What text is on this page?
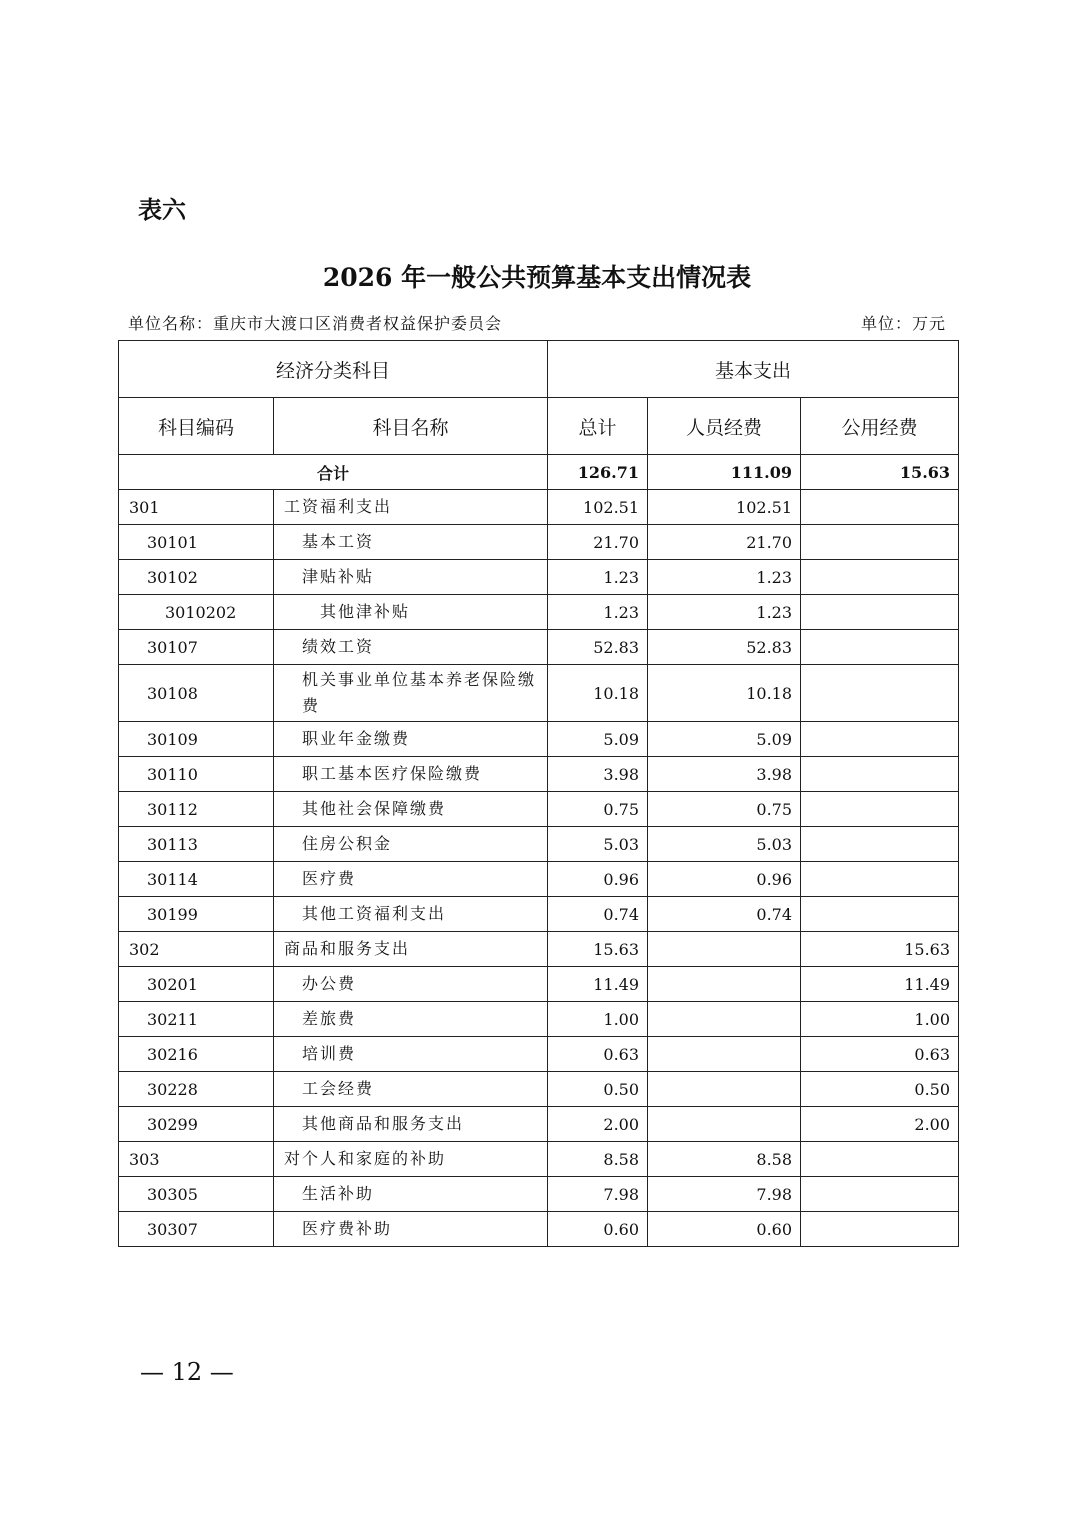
表六
2026 年一般公共预算基本支出情况表
单位名称：重庆市大渡口区消费者权益保护委员会	单位：万元
经济分类科目		基本支出		
科目编码	科目名称	总计	人员经费	公用经费
合计		126.71	111.09	15.63
301	工资福利支出	102.51	102.51	
30101	基本工资	21.70	21.70	
30102	津贴补贴	1.23	1.23	
3010202	其他津补贴	1.23	1.23	
30107	绩效工资	52.83	52.83	
30108	机关事业单位基本养老保险缴费	10.18	10.18	
30109	职业年金缴费	5.09	5.09	
30110	职工基本医疗保险缴费	3.98	3.98	
30112	其他社会保障缴费	0.75	0.75	
30113	住房公积金	5.03	5.03	
30114	医疗费	0.96	0.96	
30199	其他工资福利支出	0.74	0.74	
302	商品和服务支出	15.63		15.63
30201	办公费	11.49		11.49
30211	差旅费	1.00		1.00
30216	培训费	0.63		0.63
30228	工会经费	0.50		0.50
30299	其他商品和服务支出	2.00		2.00
303	对个人和家庭的补助	8.58	8.58	
30305	生活补助	7.98	7.98	
30307	医疗费补助	0.60	0.60	
— 12 —
